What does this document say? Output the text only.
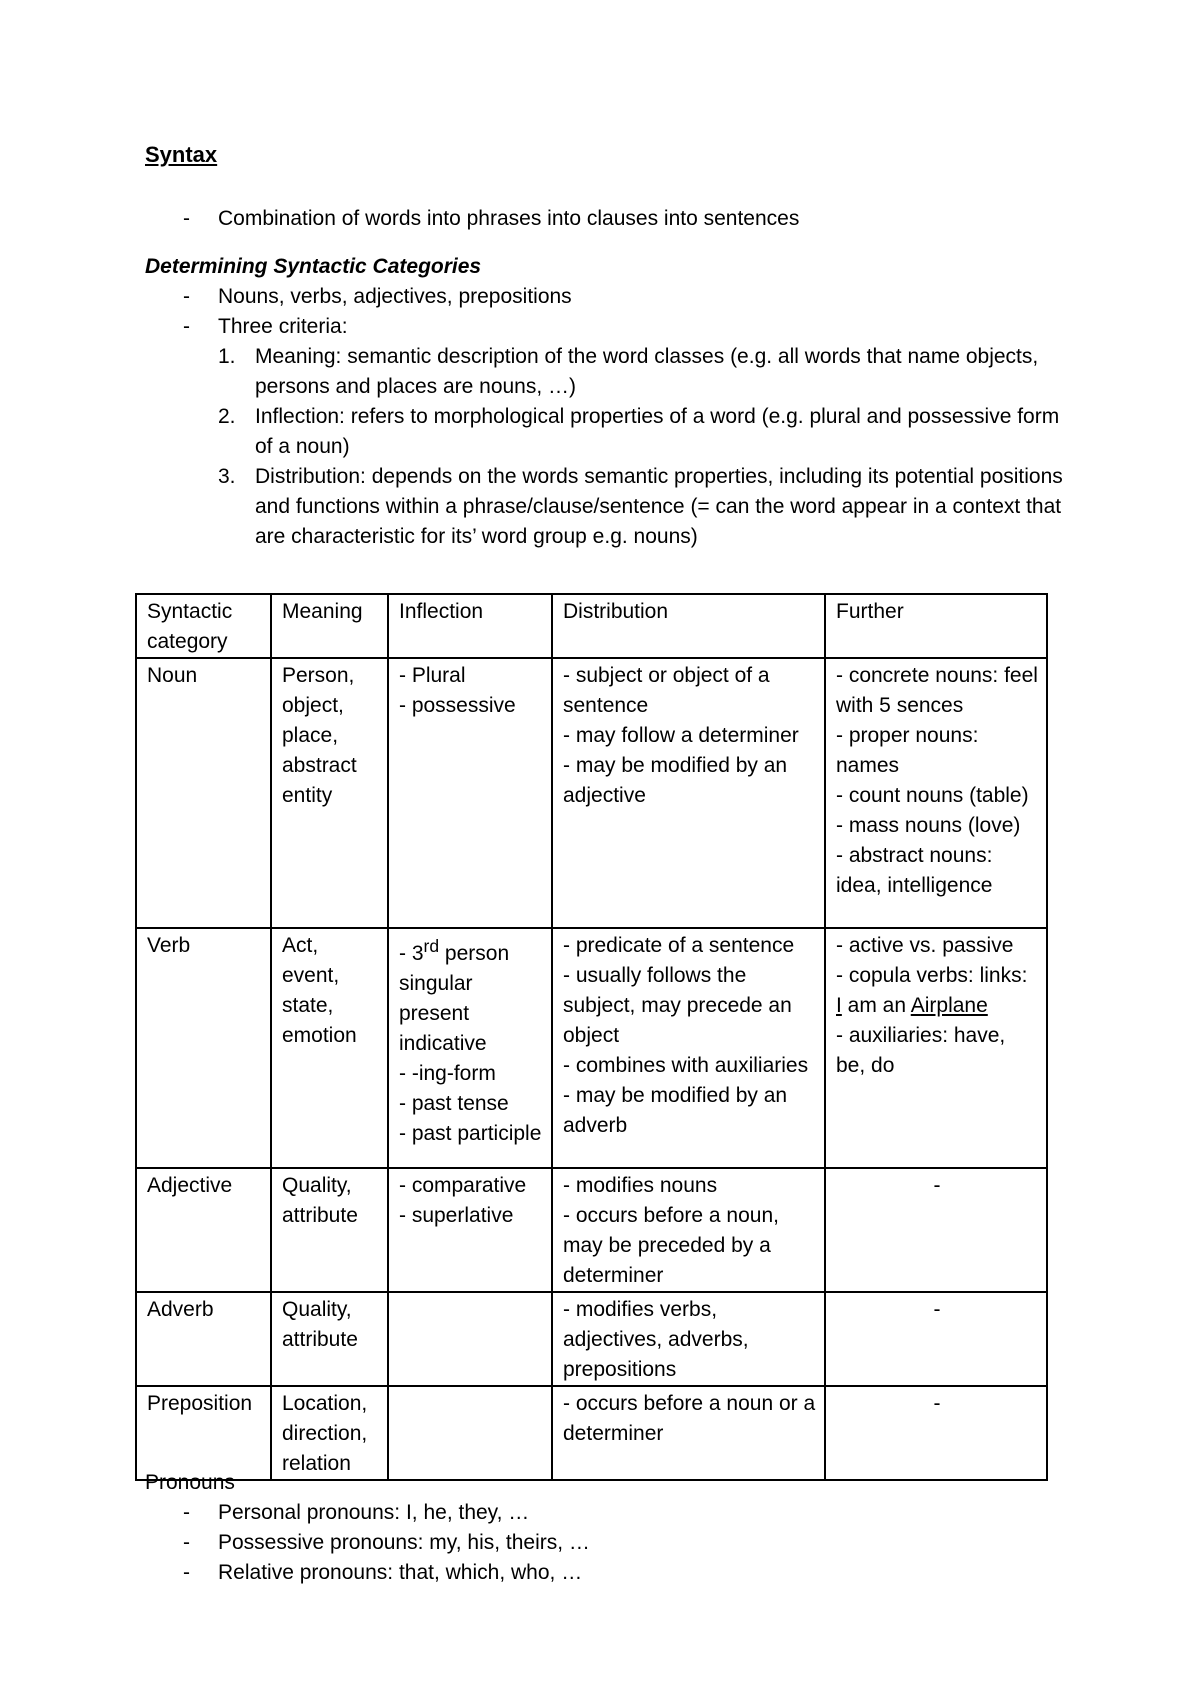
Syntax

- Combination of words into phrases into clauses into sentences
Determining Syntactic Categories
- Nouns, verbs, adjectives, prepositions
- Three criteria:
1. Meaning: semantic description of the word classes (e.g. all words that name objects, persons and places are nouns, …)
2. Inflection: refers to morphological properties of a word (e.g. plural and possessive form of a noun)
3. Distribution: depends on the words semantic properties, including its potential positions and functions within a phrase/clause/sentence (= can the word appear in a context that are characteristic for its’ word group e.g. nouns)
Syntactic category	Meaning	Inflection	Distribution	Further
Noun	Person, object, place, abstract entity	- Plural
- possessive	- subject or object of a sentence
- may follow a determiner
- may be modified by an adjective	- concrete nouns: feel with 5 sences
- proper nouns: names
- count nouns (table)
- mass nouns (love)
- abstract nouns: idea, intelligence

Verb	Act, event, state, emotion	- 3rd person singular present indicative
- -ing-form
- past tense
- past participle	- predicate of a sentence
- usually follows the subject, may precede an object
- combines with auxiliaries
- may be modified by an adverb	- active vs. passive
- copula verbs: links: I am an Airplane
- auxiliaries: have, be, do

Adjective	Quality, attribute	- comparative
- superlative	- modifies nouns
- occurs before a noun, may be preceded by a determiner	-
Adverb	Quality, attribute		- modifies verbs, adjectives, adverbs, prepositions	-
Preposition	Location, direction, relation		- occurs before a noun or a determiner	-
Pronouns
- Personal pronouns: I, he, they, …
- Possessive pronouns: my, his, theirs, …
- Relative pronouns: that, which, who, …
